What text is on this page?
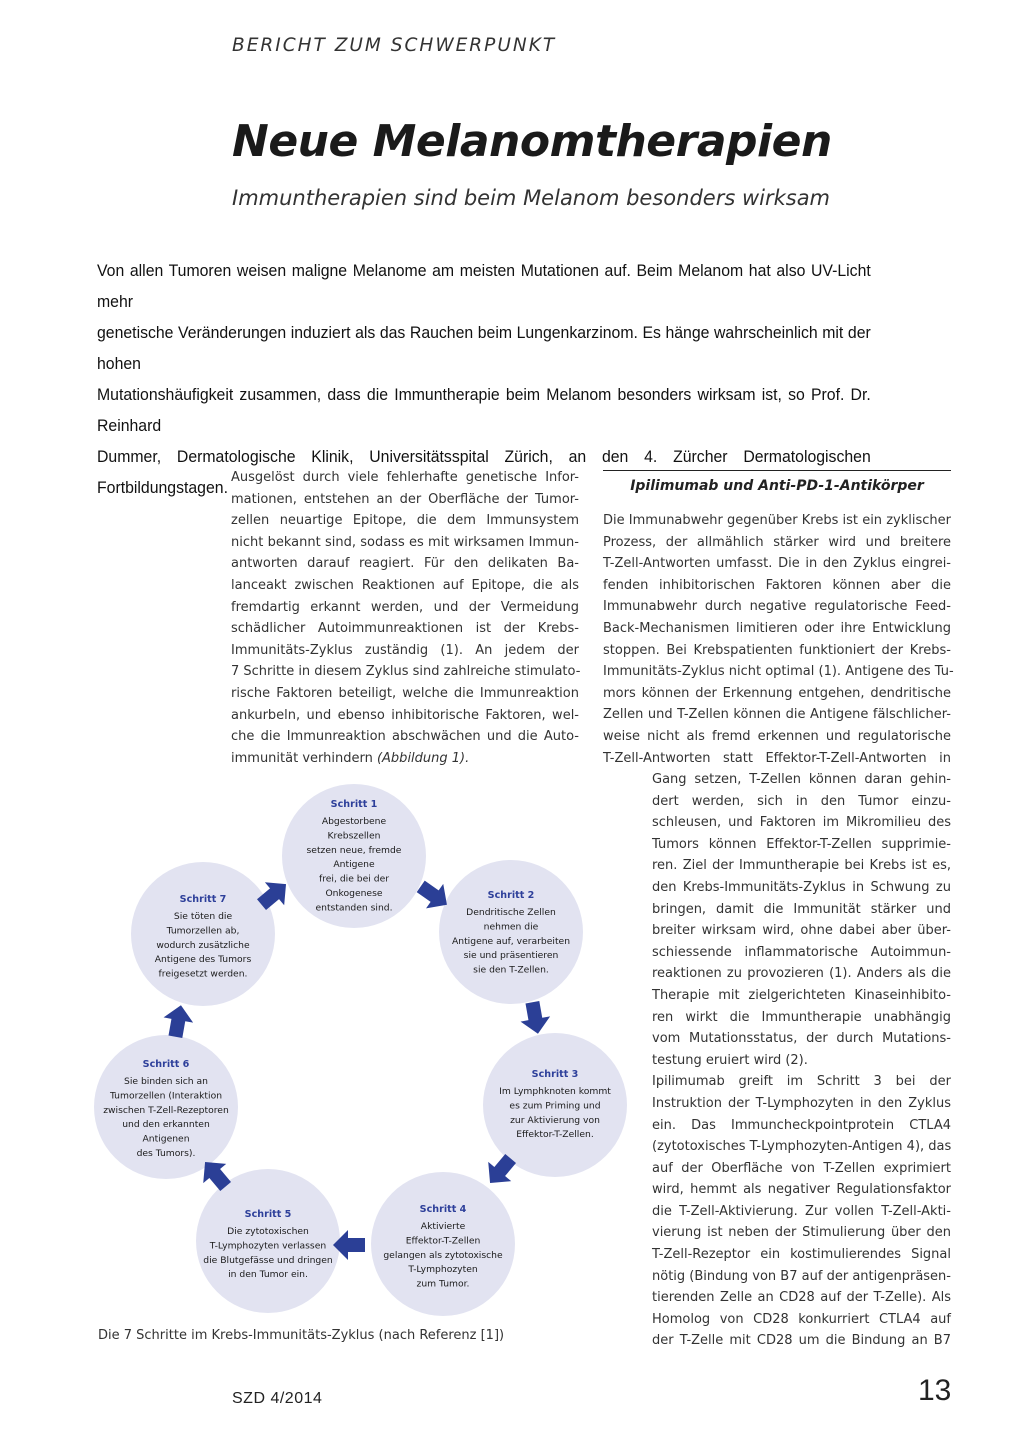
BERICHT ZUM SCHWERPUNKT
Neue Melanomtherapien
Immuntherapien sind beim Melanom besonders wirksam
Von allen Tumoren weisen maligne Melanome am meisten Mutationen auf. Beim Melanom hat also UV-Licht mehr
genetische Veränderungen induziert als das Rauchen beim Lungenkarzinom. Es hänge wahrscheinlich mit der hohen
Mutationshäufigkeit zusammen, dass die Immuntherapie beim Melanom besonders wirksam ist, so Prof. Dr. Reinhard
Dummer, Dermatologische Klinik, Universitätsspital Zürich, an den 4. Zürcher Dermatologischen Fortbildungstagen.
Ausgelöst durch viele fehlerhafte genetische Infor-
mationen, entstehen an der Oberfläche der Tumor-
zellen neuartige Epitope, die dem Immunsystem
nicht bekannt sind, sodass es mit wirksamen Immun-
antworten darauf reagiert. Für den delikaten Ba-
lanceakt zwischen Reaktionen auf Epitope, die als
fremdartig erkannt werden, und der Vermeidung
schädlicher Autoimmunreaktionen ist der Krebs-
Immunitäts-Zyklus zuständig (1). An jedem der
7 Schritte in diesem Zyklus sind zahlreiche stimulato-
rische Faktoren beteiligt, welche die Immunreaktion
ankurbeln, und ebenso inhibitorische Faktoren, wel-
che die Immunreaktion abschwächen und die Auto-
immunität verhindern (Abbildung 1).
Ipilimumab und Anti-PD-1-Antikörper
Die Immunabwehr gegenüber Krebs ist ein zyklischer
Prozess, der allmählich stärker wird und breitere
T-Zell-Antworten umfasst. Die in den Zyklus eingrei-
fenden inhibitorischen Faktoren können aber die
Immunabwehr durch negative regulatorische Feed-
Back-Mechanismen limitieren oder ihre Entwicklung
stoppen. Bei Krebspatienten funktioniert der Krebs-
Immunitäts-Zyklus nicht optimal (1). Antigene des Tu-
mors können der Erkennung entgehen, dendritische
Zellen und T-Zellen können die Antigene fälschlicher-
weise nicht als fremd erkennen und regulatorische
T-Zell-Antworten statt Effektor-T-Zell-Antworten in
Gang setzen, T-Zellen können daran gehin-
dert werden, sich in den Tumor einzu-
schleusen, und Faktoren im Mikromilieu des
Tumors können Effektor-T-Zellen supprimie-
ren. Ziel der Immuntherapie bei Krebs ist es,
den Krebs-Immunitäts-Zyklus in Schwung zu
bringen, damit die Immunität stärker und
breiter wirksam wird, ohne dabei aber über-
schiessende inflammatorische Autoimmun-
reaktionen zu provozieren (1). Anders als die
Therapie mit zielgerichteten Kinaseinhibito-
ren wirkt die Immuntherapie unabhängig
vom Mutationsstatus, der durch Mutations-
testung eruiert wird (2).
Ipilimumab greift im Schritt 3 bei der
Instruktion der T-Lymphozyten in den Zyklus
ein. Das Immuncheckpointprotein CTLA4
(zytotoxisches T-Lymphozyten-Antigen 4), das
auf der Oberfläche von T-Zellen exprimiert
wird, hemmt als negativer Regulationsfaktor
die T-Zell-Aktivierung. Zur vollen T-Zell-Akti-
vierung ist neben der Stimulierung über den
T-Zell-Rezeptor ein kostimulierendes Signal
nötig (Bindung von B7 auf der antigenpräsen-
tierenden Zelle an CD28 auf der T-Zelle). Als
Homolog von CD28 konkurriert CTLA4 auf
der T-Zelle mit CD28 um die Bindung an B7
Schritt 1
Abgestorbene
Krebszellen
setzen neue, fremde
Antigene
frei, die bei der
Onkogenese
entstanden sind.
Schritt 2
Dendritische Zellen
nehmen die
Antigene auf, verarbeiten
sie und präsentieren
sie den T-Zellen.
Schritt 3
Im Lymphknoten kommt
es zum Priming und
zur Aktivierung von
Effektor-T-Zellen.
Schritt 4
Aktivierte
Effektor-T-Zellen
gelangen als zytotoxische
T-Lymphozyten
zum Tumor.
Schritt 5
Die zytotoxischen
T-Lymphozyten verlassen
die Blutgefässe und dringen
in den Tumor ein.
Schritt 6
Sie binden sich an
Tumorzellen (Interaktion
zwischen T-Zell-Rezeptoren
und den erkannten
Antigenen
des Tumors).
Schritt 7
Sie töten die
Tumorzellen ab,
wodurch zusätzliche
Antigene des Tumors
freigesetzt werden.
Die 7 Schritte im Krebs-Immunitäts-Zyklus (nach Referenz [1])
SZD 4/2014	13
